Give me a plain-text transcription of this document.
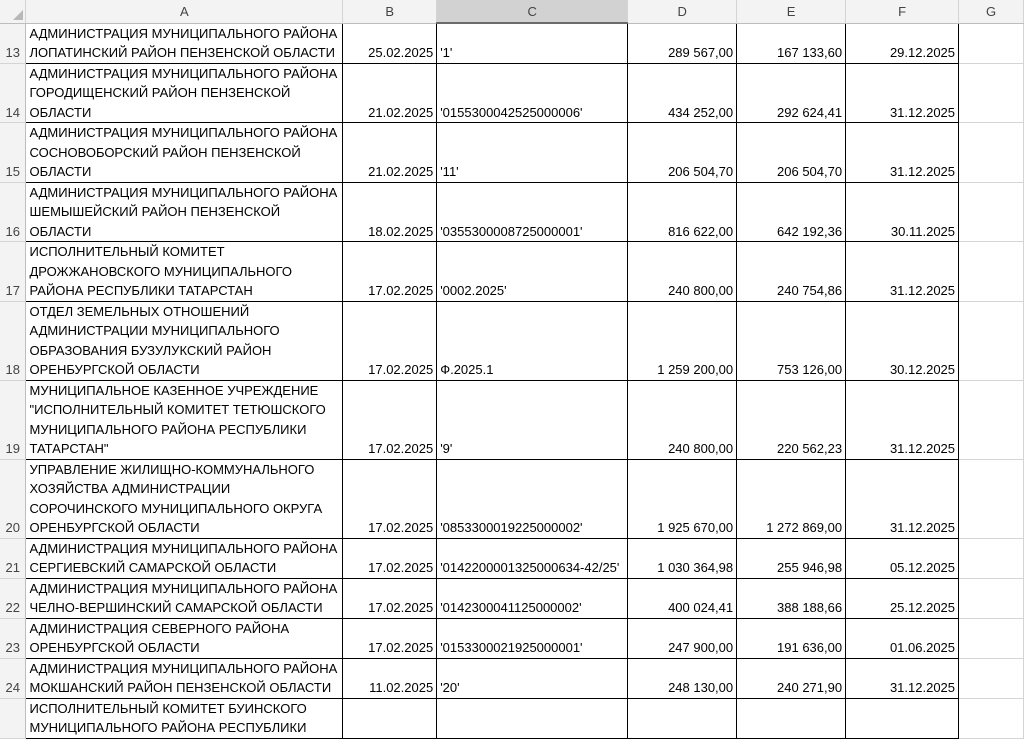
	A	B	C	D	E	F	G
13	АДМИНИСТРАЦИЯ МУНИЦИПАЛЬНОГО РАЙОНА ЛОПАТИНСКИЙ РАЙОН ПЕНЗЕНСКОЙ ОБЛАСТИ	25.02.2025	'1'	289 567,00	167 133,60	29.12.2025	
14	АДМИНИСТРАЦИЯ МУНИЦИПАЛЬНОГО РАЙОНА ГОРОДИЩЕНСКИЙ РАЙОН ПЕНЗЕНСКОЙ ОБЛАСТИ	21.02.2025	'0155300042525000006'	434 252,00	292 624,41	31.12.2025	
15	АДМИНИСТРАЦИЯ МУНИЦИПАЛЬНОГО РАЙОНА СОСНОВОБОРСКИЙ РАЙОН ПЕНЗЕНСКОЙ ОБЛАСТИ	21.02.2025	'11'	206 504,70	206 504,70	31.12.2025	
16	АДМИНИСТРАЦИЯ МУНИЦИПАЛЬНОГО РАЙОНА ШЕМЫШЕЙСКИЙ РАЙОН ПЕНЗЕНСКОЙ ОБЛАСТИ	18.02.2025	'0355300008725000001'	816 622,00	642 192,36	30.11.2025	
17	ИСПОЛНИТЕЛЬНЫЙ КОМИТЕТ ДРОЖЖАНОВСКОГО МУНИЦИПАЛЬНОГО РАЙОНА РЕСПУБЛИКИ ТАТАРСТАН	17.02.2025	'0002.2025'	240 800,00	240 754,86	31.12.2025	
18	ОТДЕЛ ЗЕМЕЛЬНЫХ ОТНОШЕНИЙ АДМИНИСТРАЦИИ МУНИЦИПАЛЬНОГО ОБРАЗОВАНИЯ БУЗУЛУКСКИЙ РАЙОН ОРЕНБУРГСКОЙ ОБЛАСТИ	17.02.2025	Ф.2025.1	1 259 200,00	753 126,00	30.12.2025	
19	МУНИЦИПАЛЬНОЕ КАЗЕННОЕ УЧРЕЖДЕНИЕ "ИСПОЛНИТЕЛЬНЫЙ КОМИТЕТ ТЕТЮШСКОГО МУНИЦИПАЛЬНОГО РАЙОНА РЕСПУБЛИКИ ТАТАРСТАН"	17.02.2025	'9'	240 800,00	220 562,23	31.12.2025	
20	УПРАВЛЕНИЕ ЖИЛИЩНО-КОММУНАЛЬНОГО ХОЗЯЙСТВА АДМИНИСТРАЦИИ СОРОЧИНСКОГО МУНИЦИПАЛЬНОГО ОКРУГА ОРЕНБУРГСКОЙ ОБЛАСТИ	17.02.2025	'0853300019225000002'	1 925 670,00	1 272 869,00	31.12.2025	
21	АДМИНИСТРАЦИЯ МУНИЦИПАЛЬНОГО РАЙОНА СЕРГИЕВСКИЙ САМАРСКОЙ ОБЛАСТИ	17.02.2025	'0142200001325000634-42/25'	1 030 364,98	255 946,98	05.12.2025	
22	АДМИНИСТРАЦИЯ МУНИЦИПАЛЬНОГО РАЙОНА ЧЕЛНО-ВЕРШИНСКИЙ САМАРСКОЙ ОБЛАСТИ	17.02.2025	'0142300041125000002'	400 024,41	388 188,66	25.12.2025	
23	АДМИНИСТРАЦИЯ СЕВЕРНОГО РАЙОНА ОРЕНБУРГСКОЙ ОБЛАСТИ	17.02.2025	'0153300021925000001'	247 900,00	191 636,00	01.06.2025	
24	АДМИНИСТРАЦИЯ МУНИЦИПАЛЬНОГО РАЙОНА МОКШАНСКИЙ РАЙОН ПЕНЗЕНСКОЙ ОБЛАСТИ	11.02.2025	'20'	248 130,00	240 271,90	31.12.2025	
	ИСПОЛНИТЕЛЬНЫЙ КОМИТЕТ БУИНСКОГО МУНИЦИПАЛЬНОГО РАЙОНА РЕСПУБЛИКИ						
